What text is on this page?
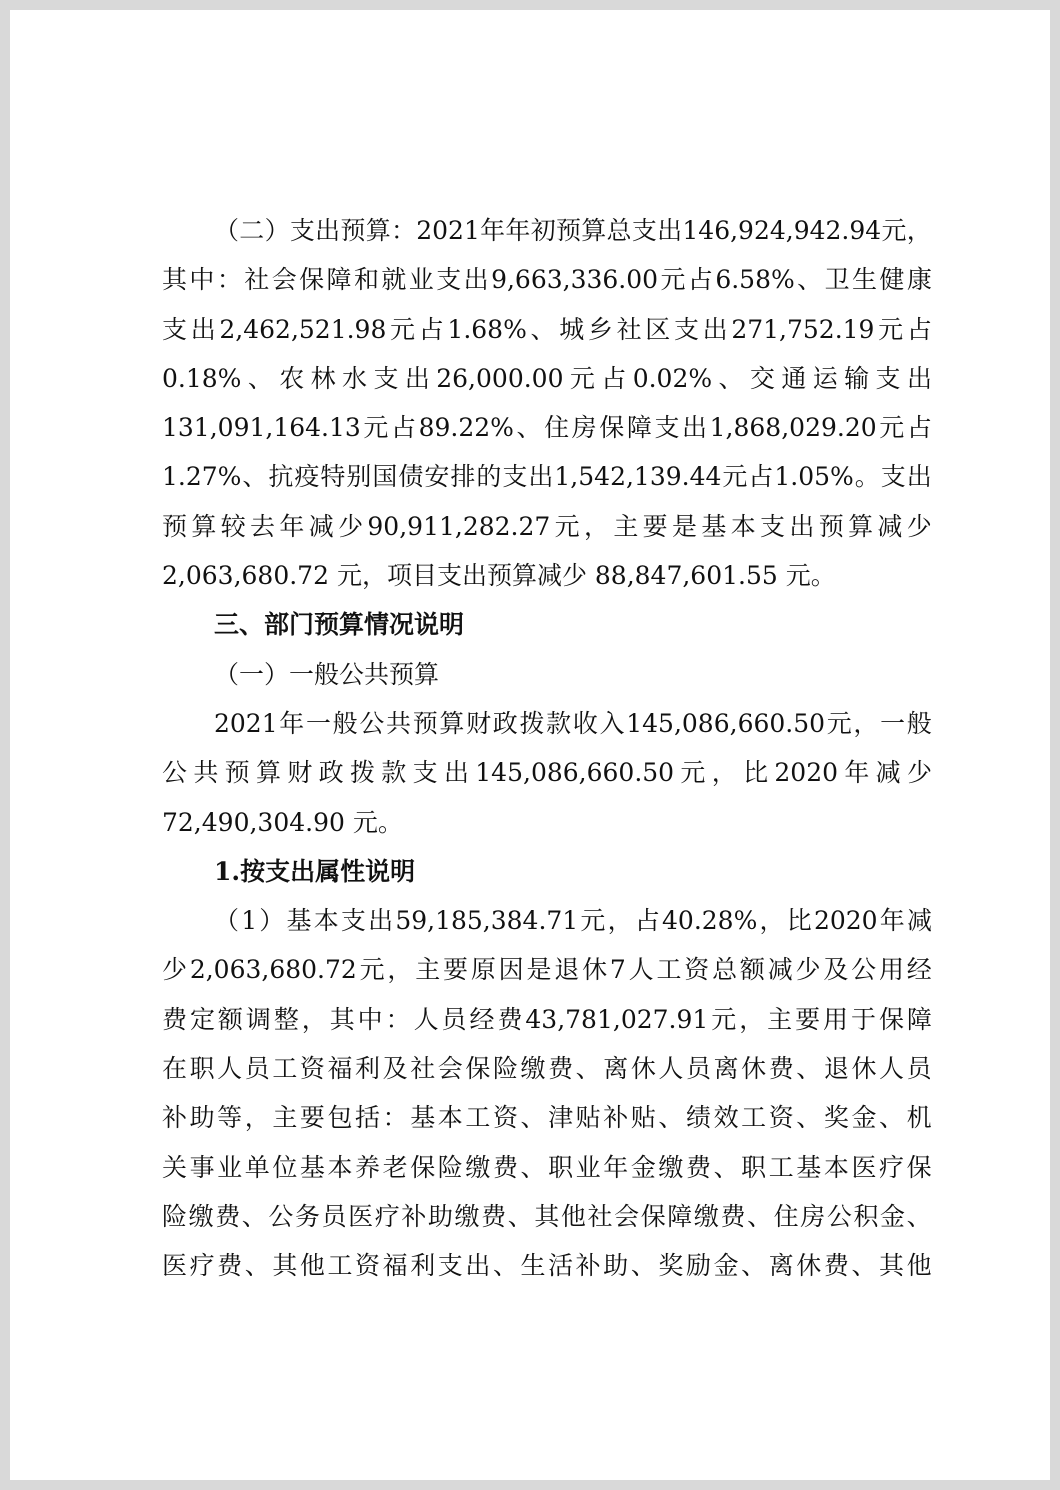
（ 二 ） 支 出 预 算 ： 2021 年 年 初 预 算 总 支 出 146,924,942.94 元 ，
其 中 ： 社 会 保 障 和 就 业 支 出 9,663,336.00 元 占 6.58% 、 卫 生 健 康
支 出 2,462,521.98 元 占 1.68% 、 城 乡 社 区 支 出 271,752.19 元 占
0.18% 、 农 林 水 支 出 26,000.00 元 占 0.02% 、 交 通 运 输 支 出
131,091,164.13 元 占 89.22% 、 住 房 保 障 支 出 1,868,029.20 元 占
1.27% 、 抗 疫 特 别 国 债 安 排 的 支 出 1,542,139.44 元 占 1.05% 。 支 出
预 算 较 去 年 减 少 90,911,282.27 元 ， 主 要 是 基 本 支 出 预 算 减 少
2,063,680.72 元，项目支出预算减少 88,847,601.55 元。
三、部门预算情况说明
（一）一般公共预算
2021 年 一 般 公 共 预 算 财 政 拨 款 收 入 145,086,660.50 元 ， 一 般
公 共 预 算 财 政 拨 款 支 出 145,086,660.50 元 ， 比 2020 年 减 少
72,490,304.90 元。
1.按支出属性说明
（ 1 ） 基 本 支 出 59,185,384.71 元 ， 占 40.28% ， 比 2020 年 减
少 2,063,680.72 元 ， 主 要 原 因 是 退 休 7 人 工 资 总 额 减 少 及 公 用 经
费 定 额 调 整 ， 其 中 ： 人 员 经 费 43,781,027.91 元 ， 主 要 用 于 保 障
在 职 人 员 工 资 福 利 及 社 会 保 险 缴 费 、 离 休 人 员 离 休 费 、 退 休 人 员
补 助 等 ， 主 要 包 括 ： 基 本 工 资 、 津 贴 补 贴 、 绩 效 工 资 、 奖 金 、 机
关 事 业 单 位 基 本 养 老 保 险 缴 费 、 职 业 年 金 缴 费 、 职 工 基 本 医 疗 保
险 缴 费 、 公 务 员 医 疗 补 助 缴 费 、 其 他 社 会 保 障 缴 费 、 住 房 公 积 金 、
医 疗 费 、 其 他 工 资 福 利 支 出 、 生 活 补 助 、 奖 励 金 、 离 休 费 、 其 他
